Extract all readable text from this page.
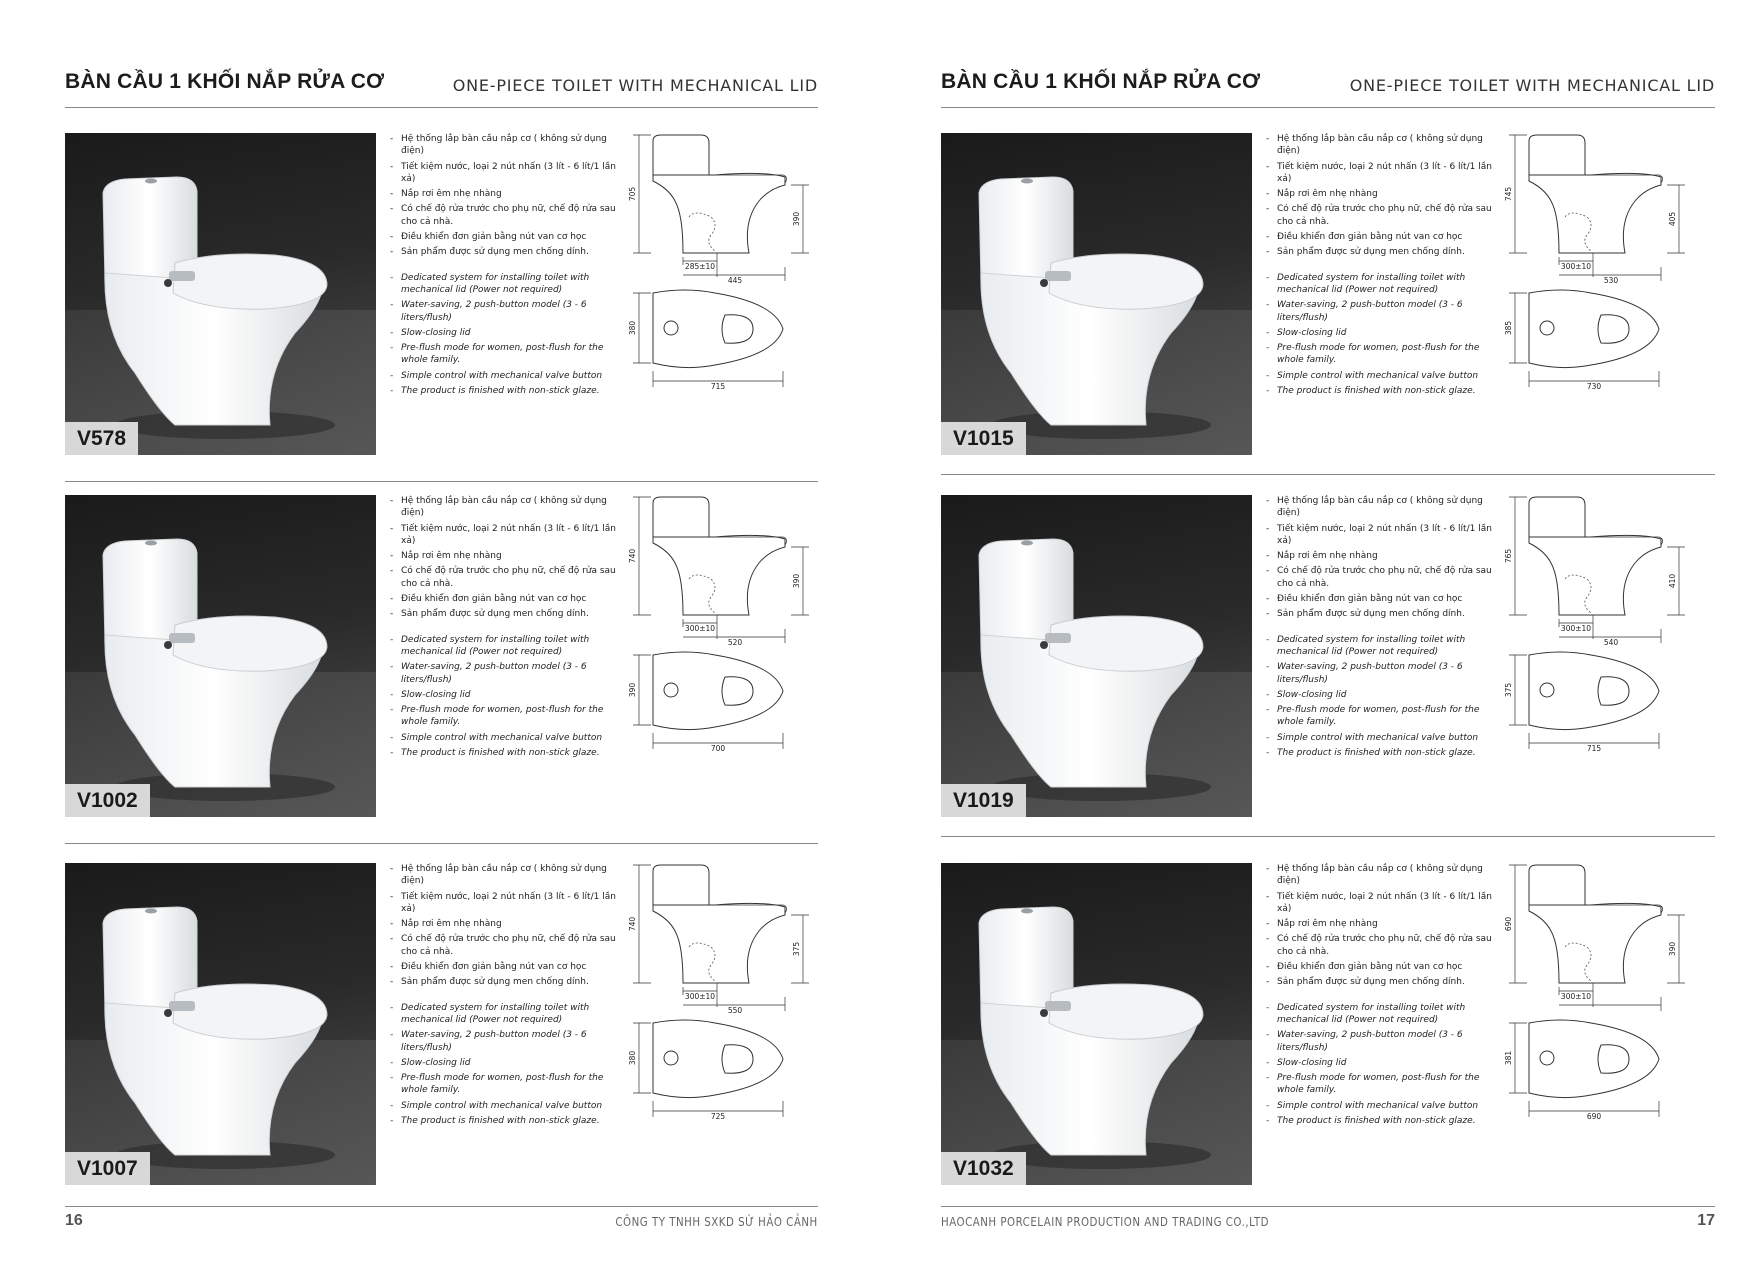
BÀN CẦU 1 KHỐI NẮP RỬA CƠ	ONE-PIECE TOILET WITH MECHANICAL LID
16	CÔNG TY TNHH SXKD SỨ HẢO CẢNH
V578
- Hệ thống lắp bàn cầu nắp cơ ( không sử dụng điện)
- Tiết kiệm nước, loại 2 nút nhấn (3 lít - 6 lít/1 lần xả)
- Nắp rơi êm nhẹ nhàng
- Có chế độ rửa trước cho phụ nữ, chế độ rửa sau cho cả nhà.
- Điều khiển đơn giản bằng nút van cơ học
- Sản phẩm được sử dụng men chống dính.
- Dedicated system for installing toilet with mechanical lid (Power not required)
- Water-saving, 2 push-button model (3 - 6 liters/flush)
- Slow-closing lid
- Pre-flush mode for women, post-flush for the whole family.
- Simple control with mechanical valve button
- The product is finished with non-stick glaze.
705
390
285±10
445
380
715
V1002
- Hệ thống lắp bàn cầu nắp cơ ( không sử dụng điện)
- Tiết kiệm nước, loại 2 nút nhấn (3 lít - 6 lít/1 lần xả)
- Nắp rơi êm nhẹ nhàng
- Có chế độ rửa trước cho phụ nữ, chế độ rửa sau cho cả nhà.
- Điều khiển đơn giản bằng nút van cơ học
- Sản phẩm được sử dụng men chống dính.
- Dedicated system for installing toilet with mechanical lid (Power not required)
- Water-saving, 2 push-button model (3 - 6 liters/flush)
- Slow-closing lid
- Pre-flush mode for women, post-flush for the whole family.
- Simple control with mechanical valve button
- The product is finished with non-stick glaze.
740
390
300±10
520
390
700
V1007
- Hệ thống lắp bàn cầu nắp cơ ( không sử dụng điện)
- Tiết kiệm nước, loại 2 nút nhấn (3 lít - 6 lít/1 lần xả)
- Nắp rơi êm nhẹ nhàng
- Có chế độ rửa trước cho phụ nữ, chế độ rửa sau cho cả nhà.
- Điều khiển đơn giản bằng nút van cơ học
- Sản phẩm được sử dụng men chống dính.
- Dedicated system for installing toilet with mechanical lid (Power not required)
- Water-saving, 2 push-button model (3 - 6 liters/flush)
- Slow-closing lid
- Pre-flush mode for women, post-flush for the whole family.
- Simple control with mechanical valve button
- The product is finished with non-stick glaze.
740
375
300±10
550
380
725
BÀN CẦU 1 KHỐI NẮP RỬA CƠ	ONE-PIECE TOILET WITH MECHANICAL LID
HAOCANH PORCELAIN PRODUCTION AND TRADING CO.,LTD	17
V1015
- Hệ thống lắp bàn cầu nắp cơ ( không sử dụng điện)
- Tiết kiệm nước, loại 2 nút nhấn (3 lít - 6 lít/1 lần xả)
- Nắp rơi êm nhẹ nhàng
- Có chế độ rửa trước cho phụ nữ, chế độ rửa sau cho cả nhà.
- Điều khiển đơn giản bằng nút van cơ học
- Sản phẩm được sử dụng men chống dính.
- Dedicated system for installing toilet with mechanical lid (Power not required)
- Water-saving, 2 push-button model (3 - 6 liters/flush)
- Slow-closing lid
- Pre-flush mode for women, post-flush for the whole family.
- Simple control with mechanical valve button
- The product is finished with non-stick glaze.
745
405
300±10
530
385
730
V1019
- Hệ thống lắp bàn cầu nắp cơ ( không sử dụng điện)
- Tiết kiệm nước, loại 2 nút nhấn (3 lít - 6 lít/1 lần xả)
- Nắp rơi êm nhẹ nhàng
- Có chế độ rửa trước cho phụ nữ, chế độ rửa sau cho cả nhà.
- Điều khiển đơn giản bằng nút van cơ học
- Sản phẩm được sử dụng men chống dính.
- Dedicated system for installing toilet with mechanical lid (Power not required)
- Water-saving, 2 push-button model (3 - 6 liters/flush)
- Slow-closing lid
- Pre-flush mode for women, post-flush for the whole family.
- Simple control with mechanical valve button
- The product is finished with non-stick glaze.
765
410
300±10
540
375
715
V1032
- Hệ thống lắp bàn cầu nắp cơ ( không sử dụng điện)
- Tiết kiệm nước, loại 2 nút nhấn (3 lít - 6 lít/1 lần xả)
- Nắp rơi êm nhẹ nhàng
- Có chế độ rửa trước cho phụ nữ, chế độ rửa sau cho cả nhà.
- Điều khiển đơn giản bằng nút van cơ học
- Sản phẩm được sử dụng men chống dính.
- Dedicated system for installing toilet with mechanical lid (Power not required)
- Water-saving, 2 push-button model (3 - 6 liters/flush)
- Slow-closing lid
- Pre-flush mode for women, post-flush for the whole family.
- Simple control with mechanical valve button
- The product is finished with non-stick glaze.
690
390
300±10
381
690
